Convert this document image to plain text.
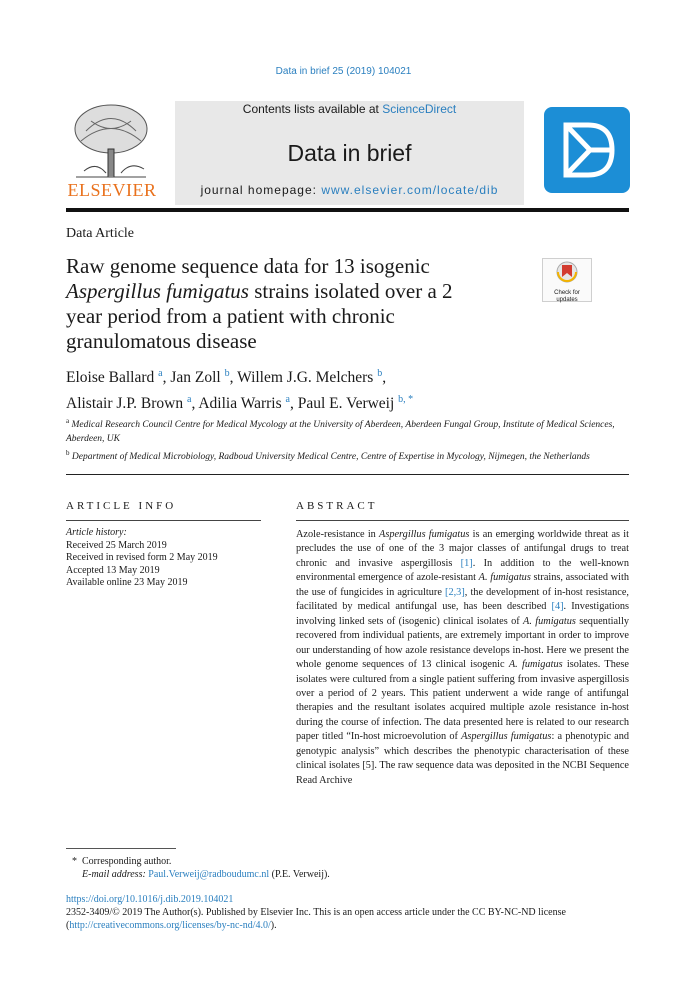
Data in brief 25 (2019) 104021
ELSEVIER
Contents lists available at ScienceDirect
Data in brief
journal homepage: www.elsevier.com/locate/dib
Data Article
Raw genome sequence data for 13 isogenic
Aspergillus fumigatus strains isolated over a 2
year period from a patient with chronic
granulomatous disease
Check for
updates
Eloise Ballard $^a$, Jan Zoll $^b$, Willem J.G. Melchers $^b$,
Alistair J.P. Brown $^a$, Adilia Warris $^a$, Paul E. Verweij $^{b, *}$
$^a$ Medical Research Council Centre for Medical Mycology at the University of Aberdeen, Aberdeen Fungal Group, Institute of Medical Sciences, Aberdeen, UK
$^b$ Department of Medical Microbiology, Radboud University Medical Centre, Centre of Expertise in Mycology, Nijmegen, the Netherlands
ARTICLE INFO
Article history:
Received 25 March 2019
Received in revised form 2 May 2019
Accepted 13 May 2019
Available online 23 May 2019
ABSTRACT
Azole-resistance in Aspergillus fumigatus is an emerging worldwide threat as it precludes the use of one of the 3 major classes of antifungal drugs to treat chronic and invasive aspergillosis [1]. In addition to the well-known environmental emergence of azole-resistant A. fumigatus strains, associated with the use of fungicides in agriculture [2,3], the development of in-host resistance, facilitated by medical antifungal use, has been described [4]. Investigations involving linked sets of (isogenic) clinical isolates of A. fumigatus sequentially recovered from individual patients, are extremely important in order to improve our understanding of how azole resistance develops in-host. Here we present the whole genome sequences of 13 clinical isogenic A. fumigatus isolates. These isolates were cultured from a single patient suffering from invasive aspergillosis over a period of 2 years. This patient underwent a wide range of antifungal therapies and the resultant isolates acquired multiple azole resistance in-host during the course of infection. The data presented here is related to our research paper titled “In-host microevolution of Aspergillus fumigatus: a phenotypic and genotypic analysis” which describes the phenotypic characterisation of these clinical isolates [5]. The raw sequence data was deposited in the NCBI Sequence Read Archive
* Corresponding author.
E-mail address: Paul.Verweij@radboudumc.nl (P.E. Verweij).
https://doi.org/10.1016/j.dib.2019.104021
2352-3409/© 2019 The Author(s). Published by Elsevier Inc. This is an open access article under the CC BY-NC-ND license (http://creativecommons.org/licenses/by-nc-nd/4.0/).
